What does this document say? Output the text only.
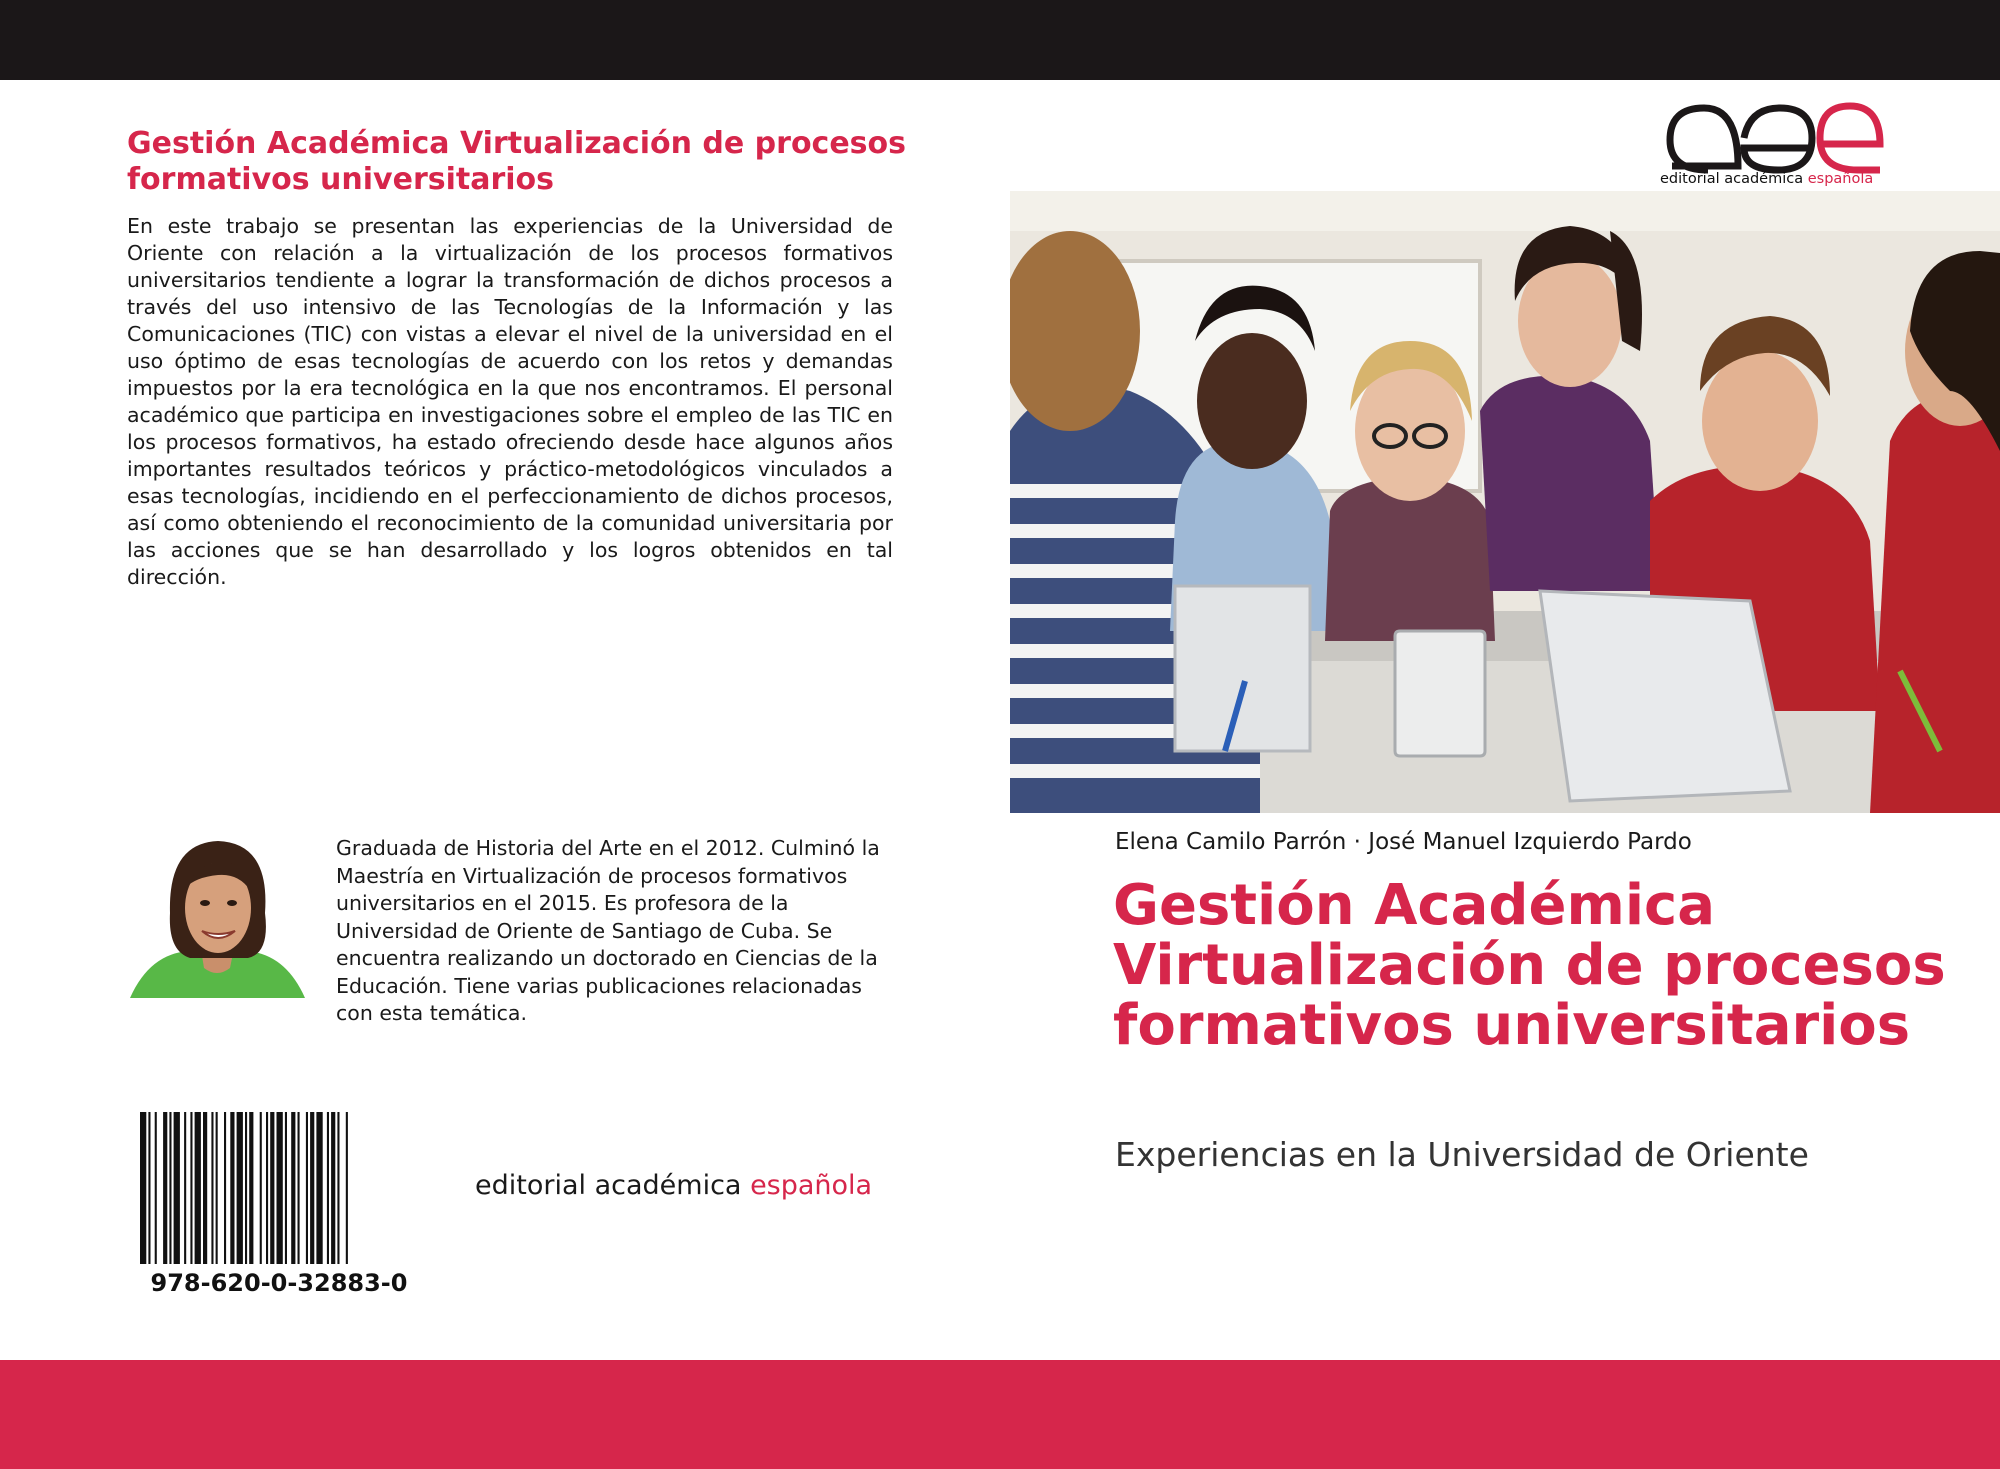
Gestión Académica Virtualización de procesos formativos universitarios
En este trabajo se presentan las experiencias de la Universidad de Oriente con relación a la virtualización de los procesos formativos universitarios tendiente a lograr la transformación de dichos procesos a través del uso intensivo de las Tecnologías de la Información y las Comunicaciones (TIC) con vistas a elevar el nivel de la universidad en el uso óptimo de esas tecnologías de acuerdo con los retos y demandas impuestos por la era tecnológica en la que nos encontramos. El personal académico que participa en investigaciones sobre el empleo de las TIC en los procesos formativos, ha estado ofreciendo desde hace algunos años importantes resultados teóricos y práctico-metodológicos vinculados a esas tecnologías, incidiendo en el perfeccionamiento de dichos procesos, así como obteniendo el reconocimiento de la comunidad universitaria por las acciones que se han desarrollado y los logros obtenidos en tal dirección.
Graduada de Historia del Arte en el 2012. Culminó la Maestría en Virtualización de procesos formativos universitarios en el 2015. Es profesora de la Universidad de Oriente de Santiago de Cuba. Se encuentra realizando un doctorado en Ciencias de la Educación. Tiene varias publicaciones relacionadas con esta temática.
978-620-0-32883-0
editorial académica española
editorial académica española
Elena Camilo Parrón · José Manuel Izquierdo Pardo
Gestión Académica Virtualización de procesos formativos universitarios
Experiencias en la Universidad de Oriente
